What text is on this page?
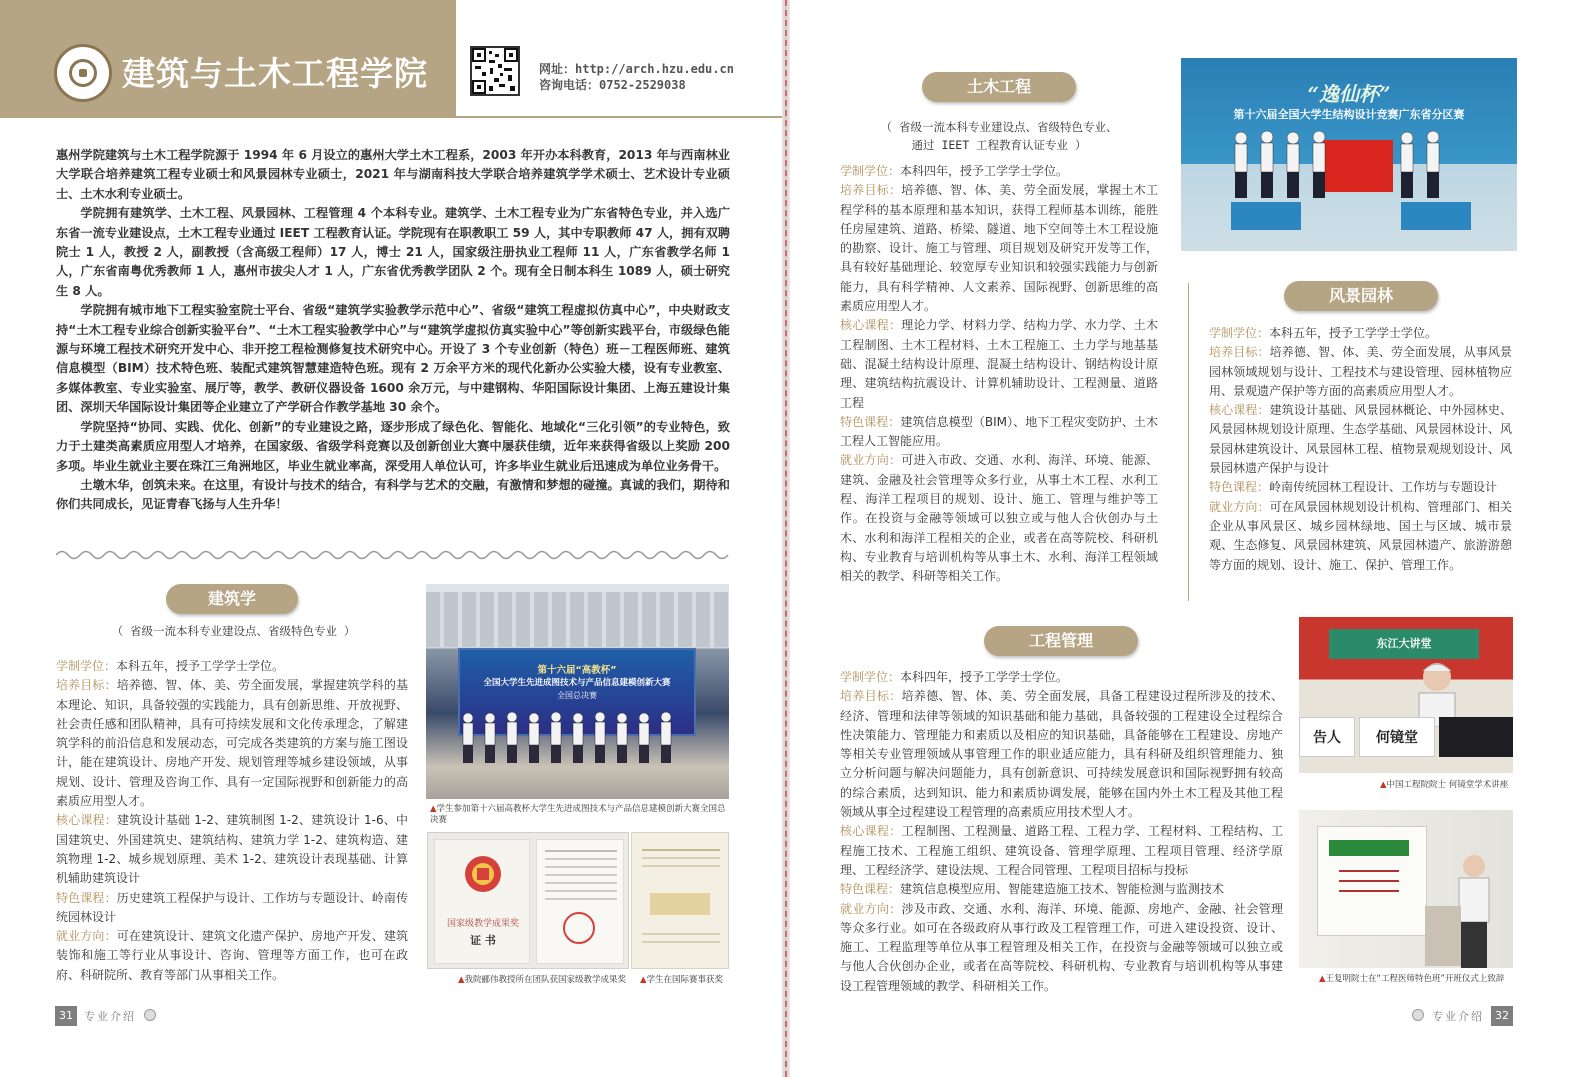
建筑与土木工程学院	网址：http://arch.hzu.edu.cn
咨询电话：0752-2529038

惠州学院建筑与土木工程学院源于 1994 年 6 月设立的惠州大学土木工程系，2003 年开办本科教育，2013 年与西南林业大学联合培养建筑工程专业硕士和风景园林专业硕士，2021 年与湖南科技大学联合培养建筑学学术硕士、艺术设计专业硕士、土木水利专业硕士。

学院拥有建筑学、土木工程、风景园林、工程管理 4 个本科专业。建筑学、土木工程专业为广东省特色专业，并入选广东省一流专业建设点，土木工程专业通过 IEET 工程教育认证。学院现有在职教职工 59 人，其中专职教师 47 人，拥有双聘院士 1 人，教授 2 人，副教授（含高级工程师）17 人，博士 21 人，国家级注册执业工程师 11 人，广东省教学名师 1 人，广东省南粤优秀教师 1 人，惠州市拔尖人才 1 人，广东省优秀教学团队 2 个。现有全日制本科生 1089 人，硕士研究生 8 人。

学院拥有城市地下工程实验室院士平台、省级“建筑学实验教学示范中心”、省级“建筑工程虚拟仿真中心”，中央财政支持“土木工程专业综合创新实验平台”、“土木工程实验教学中心”与“建筑学虚拟仿真实验中心”等创新实践平台，市级绿色能源与环境工程技术研究开发中心、非开挖工程检测修复技术研究中心。开设了 3 个专业创新（特色）班－工程医师班、建筑信息模型（BIM）技术特色班、装配式建筑智慧建造特色班。现有 2 万余平方米的现代化新办公实验大楼，设有专业教室、多媒体教室、专业实验室、展厅等，教学、教研仪器设备 1600 余万元，与中建钢构、华阳国际设计集团、上海五建设计集团、深圳天华国际设计集团等企业建立了产学研合作教学基地 30 余个。

学院坚持“协同、实践、优化、创新”的专业建设之路，逐步形成了绿色化、智能化、地域化“三化引领”的专业特色，致力于土建类高素质应用型人才培养，在国家级、省级学科竞赛以及创新创业大赛中屡获佳绩，近年来获得省级以上奖励 200 多项。毕业生就业主要在珠江三角洲地区，毕业生就业率高，深受用人单位认可，许多毕业生就业后迅速成为单位业务骨干。

土墩木华，创筑未来。在这里，有设计与技术的结合，有科学与艺术的交融，有激情和梦想的碰撞。真诚的我们，期待和你们共同成长，见证青春飞扬与人生升华！

建筑学
（ 省级一流本科专业建设点、省级特色专业 ）

学制学位：本科五年，授予工学学士学位。

培养目标：培养德、智、体、美、劳全面发展，掌握建筑学科的基本理论、知识，具备较强的实践能力，具有创新思维、开放视野、社会责任感和团队精神，具有可持续发展和文化传承理念，了解建筑学科的前沿信息和发展动态，可完成各类建筑的方案与施工图设计，能在建筑设计、房地产开发、规划管理等城乡建设领域，从事规划、设计、管理及咨询工作、具有一定国际视野和创新能力的高素质应用型人才。

核心课程：建筑设计基础 1-2、建筑制图 1-2、建筑设计 1-6、中国建筑史、外国建筑史、建筑结构、建筑力学 1-2、建筑构造、建筑物理 1-2、城乡规划原理、美术 1-2、建筑设计表现基础、计算机辅助建筑设计

特色课程：历史建筑工程保护与设计、工作坊与专题设计、岭南传统园林设计

就业方向：可在建筑设计、建筑文化遗产保护、房地产开发、建筑装饰和施工等行业从事设计、咨询、管理等方面工作，也可在政府、科研院所、教育等部门从事相关工作。

第十六届“高教杯”
全国大学生先进成图技术与产品信息建模创新大赛
全国总决赛
▲学生参加第十六届高教杯大学生先进成图技术与产品信息建模创新大赛全国总决赛
国家级教学成果奖
证 书
▲我院郦伟教授所在团队获国家级教学成果奖 ▲学生在国际赛事获奖
31	专业介绍
土木工程
（ 省级一流本科专业建设点、省级特色专业、
通过 IEET 工程教育认证专业 ）

学制学位：本科四年，授予工学学士学位。

培养目标：培养德、智、体、美、劳全面发展，掌握土木工程学科的基本原理和基本知识，获得工程师基本训练，能胜任房屋建筑、道路、桥梁、隧道、地下空间等土木工程设施的勘察、设计、施工与管理、项目规划及研究开发等工作，具有较好基础理论、较宽厚专业知识和较强实践能力与创新能力，具有科学精神、人文素养、国际视野、创新思维的高素质应用型人才。

核心课程：理论力学、材料力学、结构力学、水力学、土木工程制图、土木工程材料、土木工程施工、土力学与地基基础、混凝土结构设计原理、混凝土结构设计、钢结构设计原理、建筑结构抗震设计、计算机辅助设计、工程测量、道路工程

特色课程：建筑信息模型（BIM）、地下工程灾变防护、土木工程人工智能应用。

就业方向：可进入市政、交通、水利、海洋、环境、能源、建筑、金融及社会管理等众多行业，从事土木工程、水利工程、海洋工程项目的规划、设计、施工、管理与维护等工作。在投资与金融等领域可以独立或与他人合伙创办与土木、水利和海洋工程相关的企业，或者在高等院校、科研机构、专业教育与培训机构等从事土木、水利、海洋工程领域相关的教学、科研等相关工作。

“逸仙杯”
第十六届全国大学生结构设计竞赛广东省分区赛
风景园林

学制学位：本科五年，授予工学学士学位。

培养目标：培养德、智、体、美、劳全面发展，从事风景园林领域规划与设计、工程技术与建设管理、园林植物应用、景观遗产保护等方面的高素质应用型人才。

核心课程：建筑设计基础、风景园林概论、中外园林史、风景园林规划设计原理、生态学基础、风景园林设计、风景园林建筑设计、风景园林工程、植物景观规划设计、风景园林遗产保护与设计

特色课程：岭南传统园林工程设计、工作坊与专题设计

就业方向：可在风景园林规划设计机构、管理部门、相关企业从事风景区、城乡园林绿地、国土与区域、城市景观、生态修复、风景园林建筑、风景园林遗产、旅游游憩等方面的规划、设计、施工、保护、管理工作。

工程管理

学制学位：本科四年，授予工学学士学位。

培养目标：培养德、智、体、美、劳全面发展，具备工程建设过程所涉及的技术、经济、管理和法律等领域的知识基础和能力基础，具备较强的工程建设全过程综合性决策能力、管理能力和素质以及相应的知识基础，具备能够在工程建设、房地产等相关专业管理领域从事管理工作的职业适应能力，具有科研及组织管理能力、独立分析问题与解决问题能力，具有创新意识、可持续发展意识和国际视野拥有较高的综合素质，达到知识、能力和素质协调发展，能够在国内外土木工程及其他工程领域从事全过程建设工程管理的高素质应用技术型人才。

核心课程：工程制图、工程测量、道路工程、工程力学、工程材料、工程结构、工程施工技术、工程施工组织、建筑设备、管理学原理、工程项目管理、经济学原理、工程经济学、建设法规、工程合同管理、工程项目招标与投标

特色课程：建筑信息模型应用、智能建造施工技术、智能检测与监测技术

就业方向：涉及市政、交通、水利、海洋、环境、能源、房地产、金融、社会管理等众多行业。如可在各级政府从事行政及工程管理工作，可进入建设投资、设计、施工、工程监理等单位从事工程管理及相关工作，在投资与金融等领域可以独立或与他人合伙创办企业，或者在高等院校、科研机构、专业教育与培训机构等从事建设工程管理领域的教学、科研相关工作。

东江大讲堂
告人	何镜堂
▲中国工程院院士 何镜堂学术讲座
▲王复明院士在“工程医师特色班”开班仪式上致辞
专业介绍	32
